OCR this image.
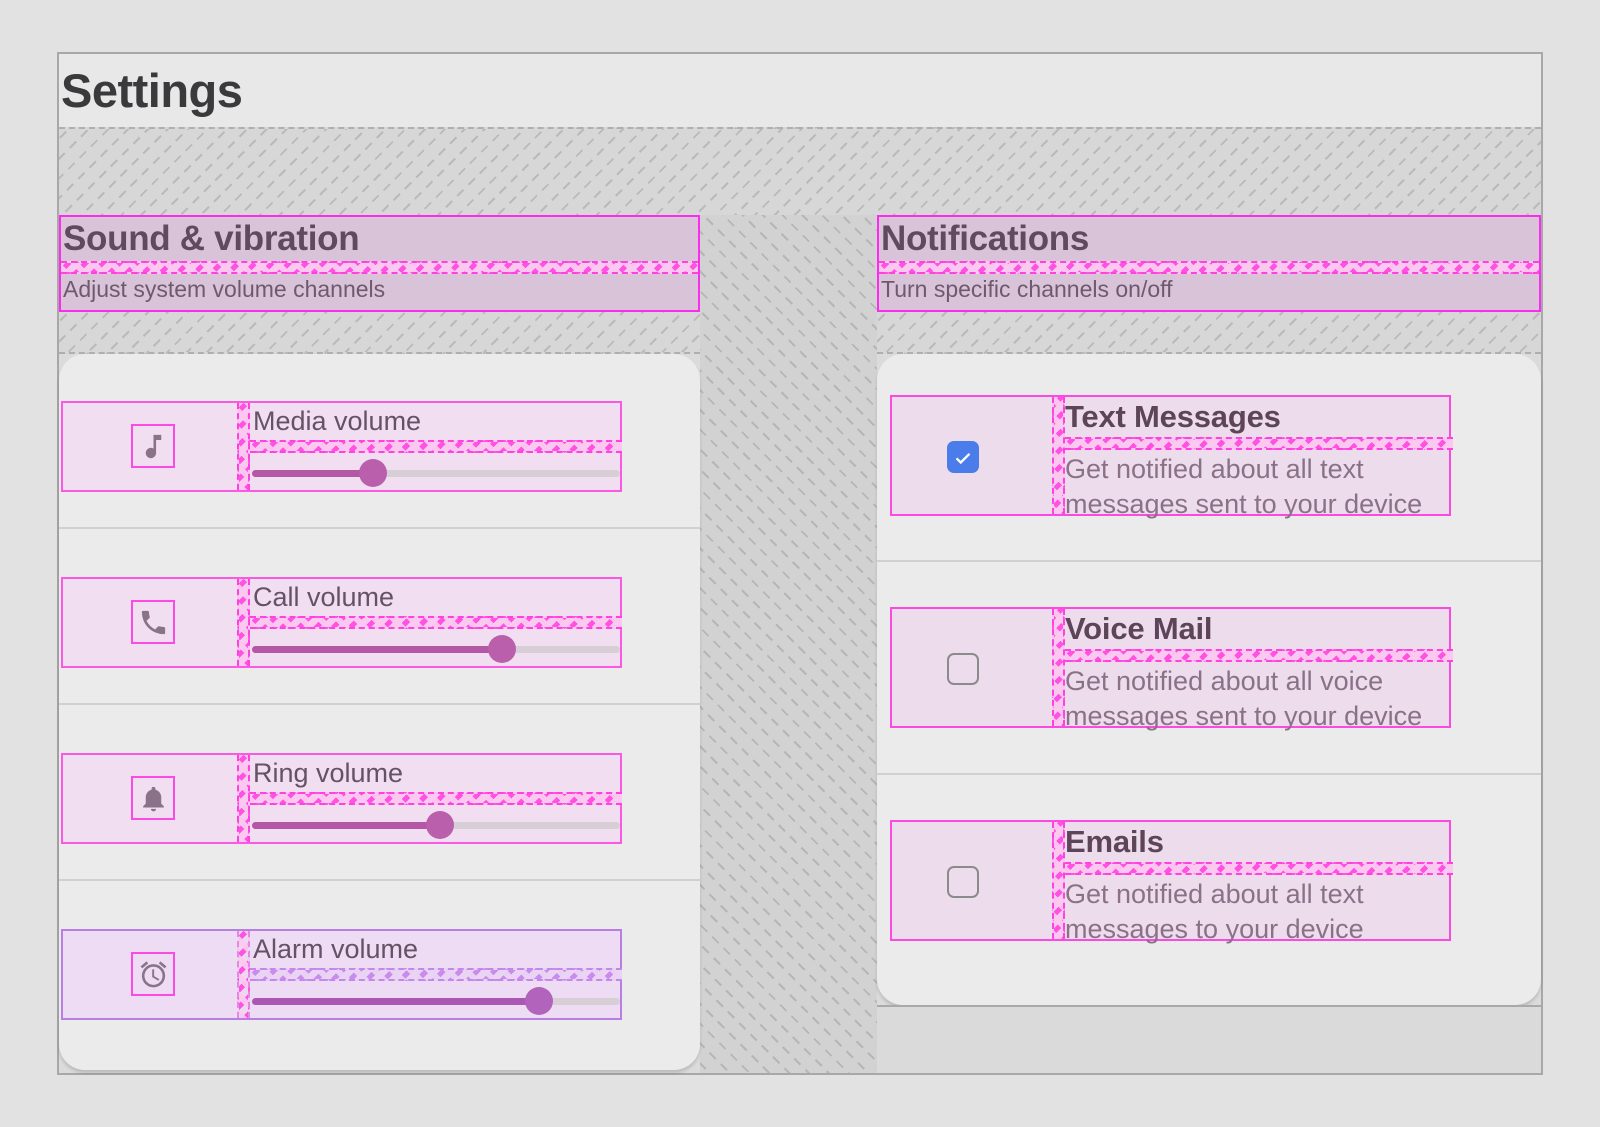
Settings
Sound & vibration
Adjust system volume channels
Notifications
Turn specific channels on/off
Media volume
Call volume
Ring volume
Alarm volume
Text Messages
Get notified about all text messages sent to your device
Voice Mail
Get notified about all voice messages sent to your device
Emails
Get notified about all text messages to your device
